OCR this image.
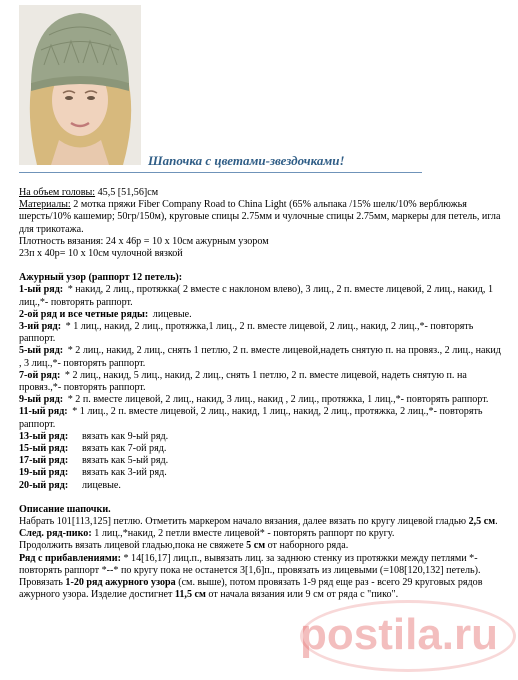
Шапочка с цветами-звездочками!

На объем головы: 45,5 [51,56]см

Материалы: 2 мотка пряжи Fiber Company Road to China Light (65% альпака /15% шелк/10% верблюжья шерсть/10% кашемир; 50гр/150м), круговые спицы 2.75мм и чулочные спицы 2.75мм, маркеры для петель, игла для трикотажа.

Плотность вязания: 24 х 46р = 10 х 10см ажурным узором

23п х 40р= 10 х 10см чулочной вязкой

Ажурный узор (раппорт 12 петель):

1-ый ряд: * накид, 2 лиц., протяжка( 2 вместе с наклоном влево), 3 лиц., 2 п. вместе лицевой, 2 лиц., накид, 1 лиц.,*- повторять раппорт.

2-ой ряд и все четные ряды: лицевые.

3-ий ряд: * 1 лиц., накид, 2 лиц., протяжка,1 лиц., 2 п. вместе лицевой, 2 лиц., накид, 2 лиц.,*- повторять раппорт.

5-ый ряд: * 2 лиц., накид, 2 лиц., снять 1 петлю, 2 п. вместе лицевой,надеть снятую п. на провяз., 2 лиц., накид , 3 лиц.,*- повторять раппорт.

7-ой ряд: * 2 лиц., накид, 5 лиц., накид, 2 лиц., снять 1 петлю, 2 п. вместе лицевой, надеть снятую п. на провяз.,*- повторять раппорт.

9-ый ряд: * 2 п. вместе лицевой, 2 лиц., накид, 3 лиц., накид , 2 лиц., протяжка, 1 лиц.,*- повторять раппорт.

11-ый ряд: * 1 лиц., 2 п. вместе лицевой, 2 лиц., накид, 1 лиц., накид, 2 лиц., протяжка, 2 лиц.,*- повторять раппорт.

13-ый ряд: вязать как 9-ый ряд.

15-ый ряд: вязать как 7-ой ряд.

17-ый ряд: вязать как 5-ый ряд.

19-ый ряд: вязать как 3-ий ряд.

20-ый ряд: лицевые.

Описание шапочки.

Набрать 101[113,125] петлю. Отметить маркером начало вязания, далее вязать по кругу лицевой гладью 2,5 см.

След. ряд-пико: 1 лиц.,*накид, 2 петли вместе лицевой* - повторять раппорт по кругу.

Продолжить вязать лицевой гладью,пока не свяжете 5 см от наборного ряда.

Ряд с прибавлениями: * 14[16,17] лиц.п., вывязать лиц. за заднюю стенку из протяжки между петлями *- повторять раппорт *--* по кругу пока не останется 3[1,6]п., провязать из лицевыми (=108[120,132] петель).

Провязать 1-20 ряд ажурного узора (см. выше), потом провязать 1-9 ряд еще раз - всего 29 круговых рядов ажурного узора. Изделие достигнет 11,5 см от начала вязания или 9 см от ряда с "пико".

postila.ru
